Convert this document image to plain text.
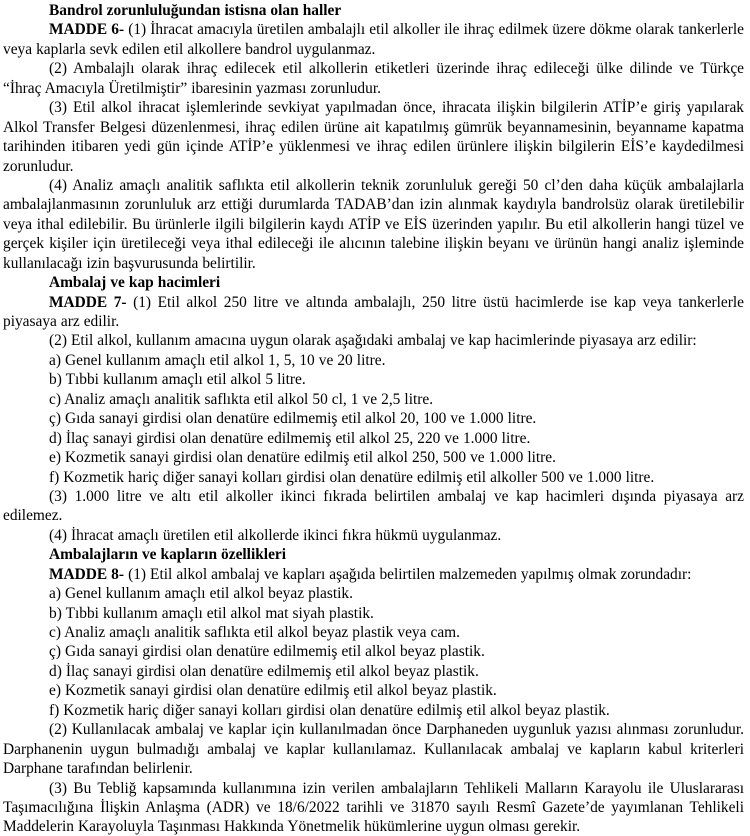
Bandrol zorunluluğundan istisna olan haller

MADDE 6- (1) İhracat amacıyla üretilen ambalajlı etil alkoller ile ihraç edilmek üzere dökme olarak tankerlerle veya kaplarla sevk edilen etil alkollere bandrol uygulanmaz.

(2) Ambalajlı olarak ihraç edilecek etil alkollerin etiketleri üzerinde ihraç edileceği ülke dilinde ve Türkçe “İhraç Amacıyla Üretilmiştir” ibaresinin yazması zorunludur.

(3) Etil alkol ihracat işlemlerinde sevkiyat yapılmadan önce, ihracata ilişkin bilgilerin ATİP’e giriş yapılarak Alkol Transfer Belgesi düzenlenmesi, ihraç edilen ürüne ait kapatılmış gümrük beyannamesinin, beyanname kapatma tarihinden itibaren yedi gün içinde ATİP’e yüklenmesi ve ihraç edilen ürünlere ilişkin bilgilerin EİS’e kaydedilmesi zorunludur.

(4) Analiz amaçlı analitik saflıkta etil alkollerin teknik zorunluluk gereği 50 cl’den daha küçük ambalajlarla ambalajlanmasının zorunluluk arz ettiği durumlarda TADAB’dan izin alınmak kaydıyla bandrolsüz olarak üretilebilir veya ithal edilebilir. Bu ürünlerle ilgili bilgilerin kaydı ATİP ve EİS üzerinden yapılır. Bu etil alkollerin hangi tüzel ve gerçek kişiler için üretileceği veya ithal edileceği ile alıcının talebine ilişkin beyanı ve ürünün hangi analiz işleminde kullanılacağı izin başvurusunda belirtilir.

Ambalaj ve kap hacimleri

MADDE 7- (1) Etil alkol 250 litre ve altında ambalajlı, 250 litre üstü hacimlerde ise kap veya tankerlerle piyasaya arz edilir.

(2) Etil alkol, kullanım amacına uygun olarak aşağıdaki ambalaj ve kap hacimlerinde piyasaya arz edilir:

a) Genel kullanım amaçlı etil alkol 1, 5, 10 ve 20 litre.

b) Tıbbi kullanım amaçlı etil alkol 5 litre.

c) Analiz amaçlı analitik saflıkta etil alkol 50 cl, 1 ve 2,5 litre.

ç) Gıda sanayi girdisi olan denatüre edilmemiş etil alkol 20, 100 ve 1.000 litre.

d) İlaç sanayi girdisi olan denatüre edilmemiş etil alkol 25, 220 ve 1.000 litre.

e) Kozmetik sanayi girdisi olan denatüre edilmiş etil alkol 250, 500 ve 1.000 litre.

f) Kozmetik hariç diğer sanayi kolları girdisi olan denatüre edilmiş etil alkoller 500 ve 1.000 litre.

(3) 1.000 litre ve altı etil alkoller ikinci fıkrada belirtilen ambalaj ve kap hacimleri dışında piyasaya arz edilemez.

(4) İhracat amaçlı üretilen etil alkollerde ikinci fıkra hükmü uygulanmaz.

Ambalajların ve kapların özellikleri

MADDE 8- (1) Etil alkol ambalaj ve kapları aşağıda belirtilen malzemeden yapılmış olmak zorundadır:

a) Genel kullanım amaçlı etil alkol beyaz plastik.

b) Tıbbi kullanım amaçlı etil alkol mat siyah plastik.

c) Analiz amaçlı analitik saflıkta etil alkol beyaz plastik veya cam.

ç) Gıda sanayi girdisi olan denatüre edilmemiş etil alkol beyaz plastik.

d) İlaç sanayi girdisi olan denatüre edilmemiş etil alkol beyaz plastik.

e) Kozmetik sanayi girdisi olan denatüre edilmiş etil alkol beyaz plastik.

f) Kozmetik hariç diğer sanayi kolları girdisi olan denatüre edilmiş etil alkol beyaz plastik.

(2) Kullanılacak ambalaj ve kaplar için kullanılmadan önce Darphaneden uygunluk yazısı alınması zorunludur. Darphanenin uygun bulmadığı ambalaj ve kaplar kullanılamaz. Kullanılacak ambalaj ve kapların kabul kriterleri Darphane tarafından belirlenir.

(3) Bu Tebliğ kapsamında kullanımına izin verilen ambalajların Tehlikeli Malların Karayolu ile Uluslararası Taşımacılığına İlişkin Anlaşma (ADR) ve 18/6/2022 tarihli ve 31870 sayılı Resmî Gazete’de yayımlanan Tehlikeli Maddelerin Karayoluyla Taşınması Hakkında Yönetmelik hükümlerine uygun olması gerekir.
